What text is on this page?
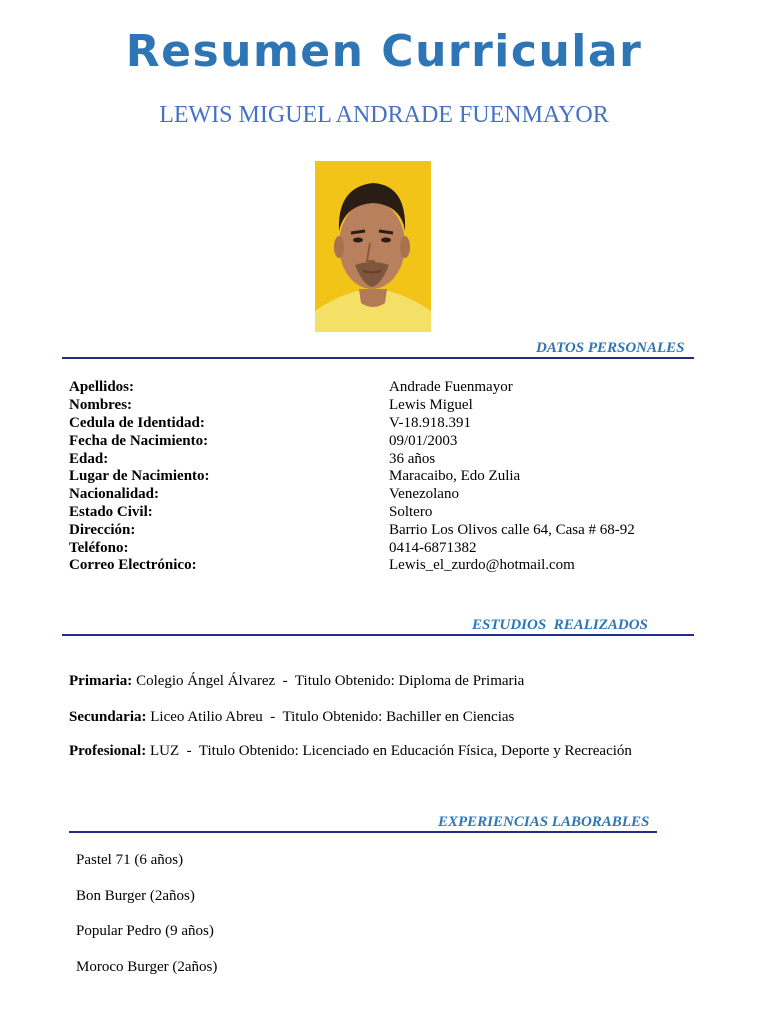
Resumen Curricular
LEWIS MIGUEL ANDRADE FUENMAYOR
DATOS PERSONALES
Apellidos:	Andrade Fuenmayor
Nombres:	Lewis Miguel
Cedula de Identidad:	V-18.918.391
Fecha de Nacimiento:	09/01/2003
Edad:	36 años
Lugar de Nacimiento:	Maracaibo, Edo Zulia
Nacionalidad:	Venezolano
Estado Civil:	Soltero
Dirección:	Barrio Los Olivos calle 64, Casa # 68-92
Teléfono:	0414-6871382
Correo Electrónico:	Lewis_el_zurdo@hotmail.com
ESTUDIOS  REALIZADOS
Primaria: Colegio Ángel Álvarez  -  Titulo Obtenido: Diploma de Primaria
Secundaria: Liceo Atilio Abreu  -  Titulo Obtenido: Bachiller en Ciencias
Profesional: LUZ  -  Titulo Obtenido: Licenciado en Educación Física, Deporte y Recreación
EXPERIENCIAS LABORABLES
Pastel 71 (6 años)
Bon Burger (2años)
Popular Pedro (9 años)
Moroco Burger (2años)
